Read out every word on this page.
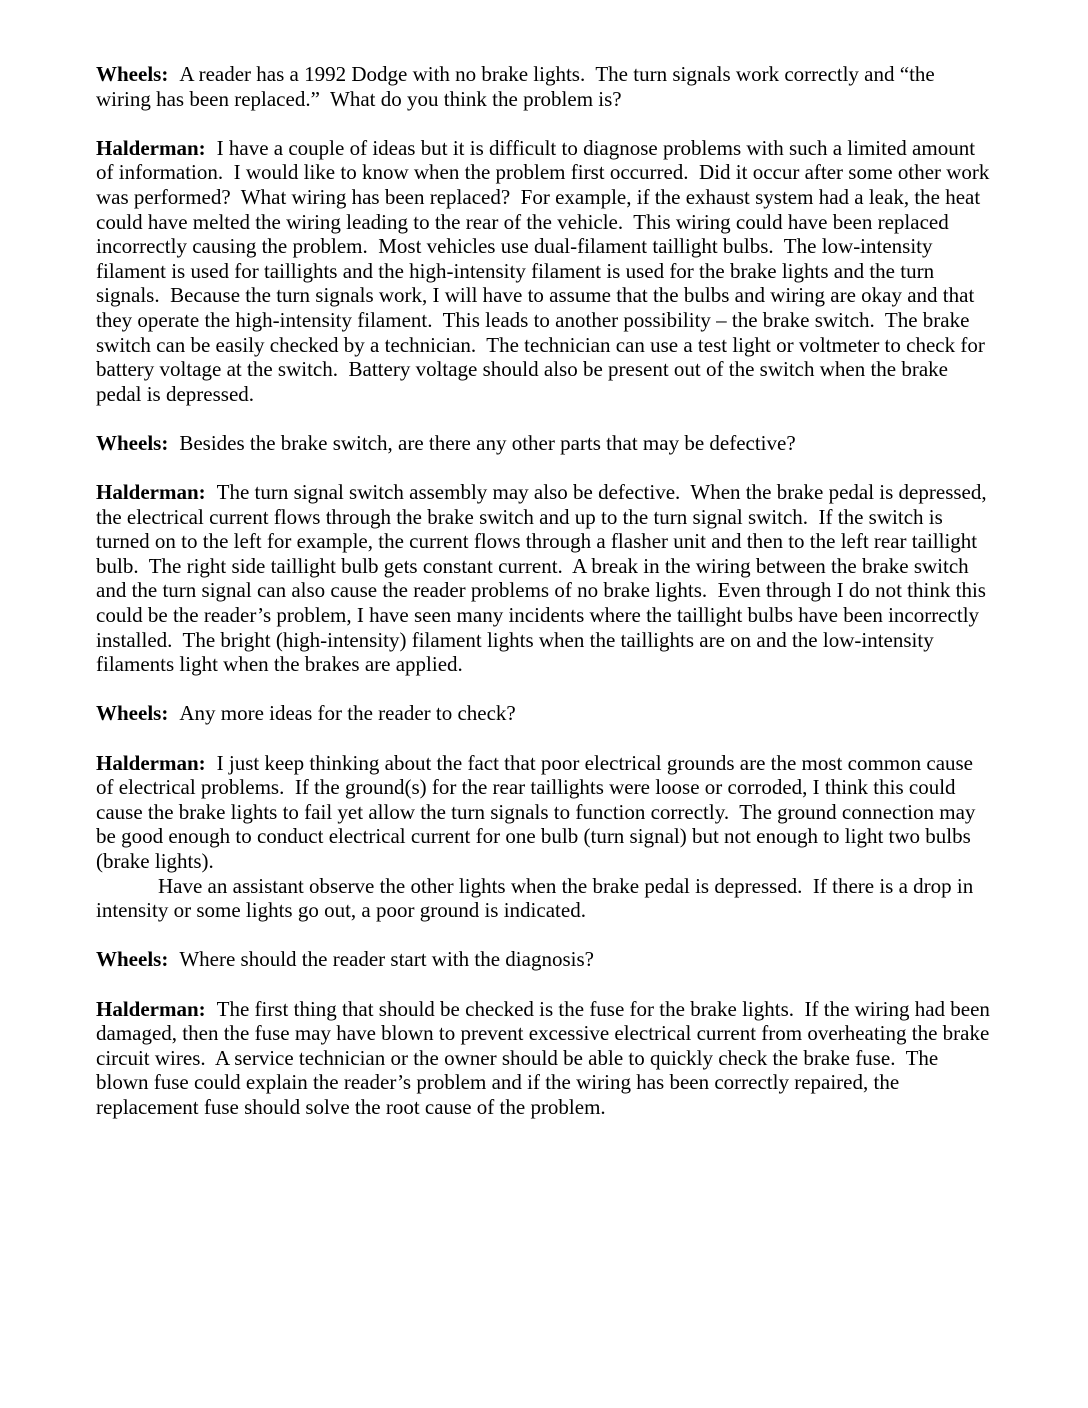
Wheels: A reader has a 1992 Dodge with no brake lights.  The turn signals work correctly and “the wiring has been replaced.”  What do you think the problem is?

Halderman: I have a couple of ideas but it is difficult to diagnose problems with such a limited amount of information.  I would like to know when the problem first occurred.  Did it occur after some other work was performed?  What wiring has been replaced?  For example, if the exhaust system had a leak, the heat could have melted the wiring leading to the rear of the vehicle.  This wiring could have been replaced incorrectly causing the problem.  Most vehicles use dual-filament taillight bulbs.  The low-intensity filament is used for taillights and the high-intensity filament is used for the brake lights and the turn signals.  Because the turn signals work, I will have to assume that the bulbs and wiring are okay and that they operate the high-intensity filament.  This leads to another possibility – the brake switch.  The brake switch can be easily checked by a technician.  The technician can use a test light or voltmeter to check for battery voltage at the switch.  Battery voltage should also be present out of the switch when the brake pedal is depressed.

Wheels: Besides the brake switch, are there any other parts that may be defective?

Halderman: The turn signal switch assembly may also be defective.  When the brake pedal is depressed, the electrical current flows through the brake switch and up to the turn signal switch.  If the switch is turned on to the left for example, the current flows through a flasher unit and then to the left rear taillight bulb.  The right side taillight bulb gets constant current.  A break in the wiring between the brake switch and the turn signal can also cause the reader problems of no brake lights.  Even through I do not think this could be the reader’s problem, I have seen many incidents where the taillight bulbs have been incorrectly installed.  The bright (high-intensity) filament lights when the taillights are on and the low-intensity filaments light when the brakes are applied.

Wheels: Any more ideas for the reader to check?

Halderman: I just keep thinking about the fact that poor electrical grounds are the most common cause of electrical problems.  If the ground(s) for the rear taillights were loose or corroded, I think this could cause the brake lights to fail yet allow the turn signals to function correctly.  The ground connection may be good enough to conduct electrical current for one bulb (turn signal) but not enough to light two bulbs (brake lights).

Have an assistant observe the other lights when the brake pedal is depressed.  If there is a drop in intensity or some lights go out, a poor ground is indicated.

Wheels: Where should the reader start with the diagnosis?

Halderman: The first thing that should be checked is the fuse for the brake lights.  If the wiring had been damaged, then the fuse may have blown to prevent excessive electrical current from overheating the brake circuit wires.  A service technician or the owner should be able to quickly check the brake fuse.  The blown fuse could explain the reader’s problem and if the wiring has been correctly repaired, the replacement fuse should solve the root cause of the problem.
